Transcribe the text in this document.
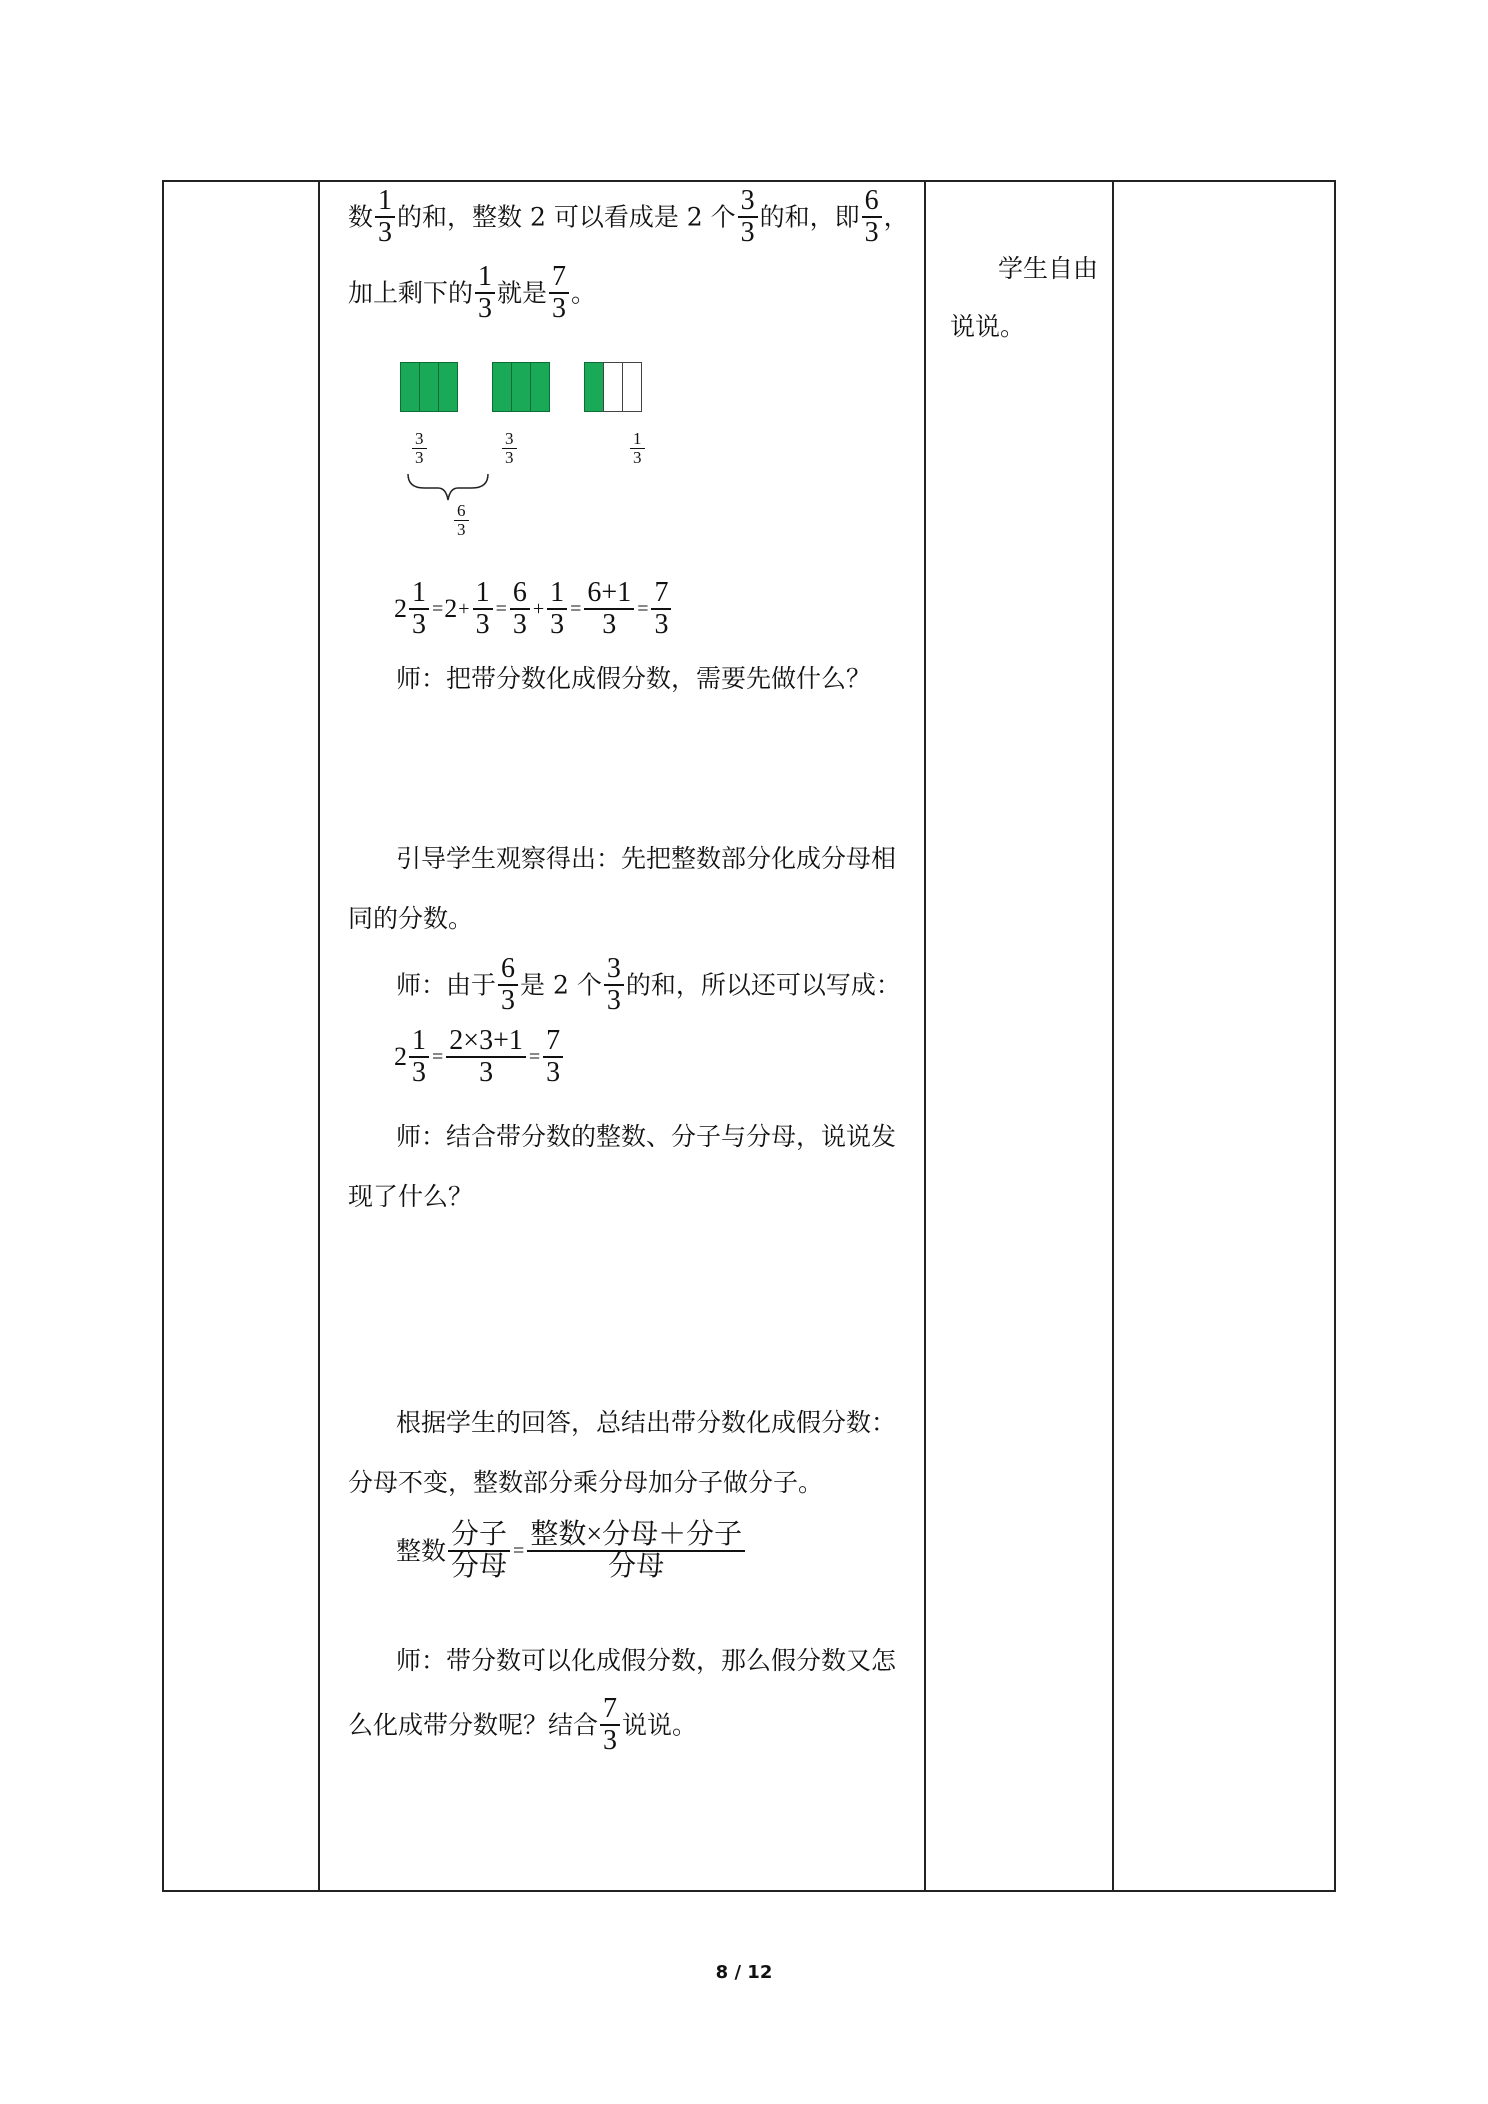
数 $\frac{1}{3}$ 的和，整数 2 可以看成是 2 个 $\frac{3}{3}$ 的和，即 $\frac{6}{3}$ ，
加上剩下的 $\frac{1}{3}$ 就是 $\frac{7}{3}$ 。
$\frac{3}{3}$	$\frac{3}{3}$	$\frac{1}{3}$
$\frac{6}{3}$
$2 \frac{1}{3} =2+ \frac{1}{3} = \frac{6}{3} + \frac{1}{3} = \frac{6+1}{3} = \frac{7}{3}$
师：把带分数化成假分数，需要先做什么？
引导学生观察得出：先把整数部分化成分母相
同的分数。
师：由于 $\frac{6}{3}$ 是 2 个 $\frac{3}{3}$ 的和，所以还可以写成：
$2 \frac{1}{3} = \frac{2\times 3+1}{3} = \frac{7}{3}$
师：结合带分数的整数、分子与分母，说说发
现了什么？
根据学生的回答，总结出带分数化成假分数：
分母不变，整数部分乘分母加分子做分子。
整数 $\frac{\text{分子}}{\text{分母}} = \frac{\text{整数×分母＋分子}}{\text{分母}}$
师：带分数可以化成假分数，那么假分数又怎
么化成带分数呢？结合 $\frac{7}{3}$ 说说。
学生自由
说说。
8 / 12
